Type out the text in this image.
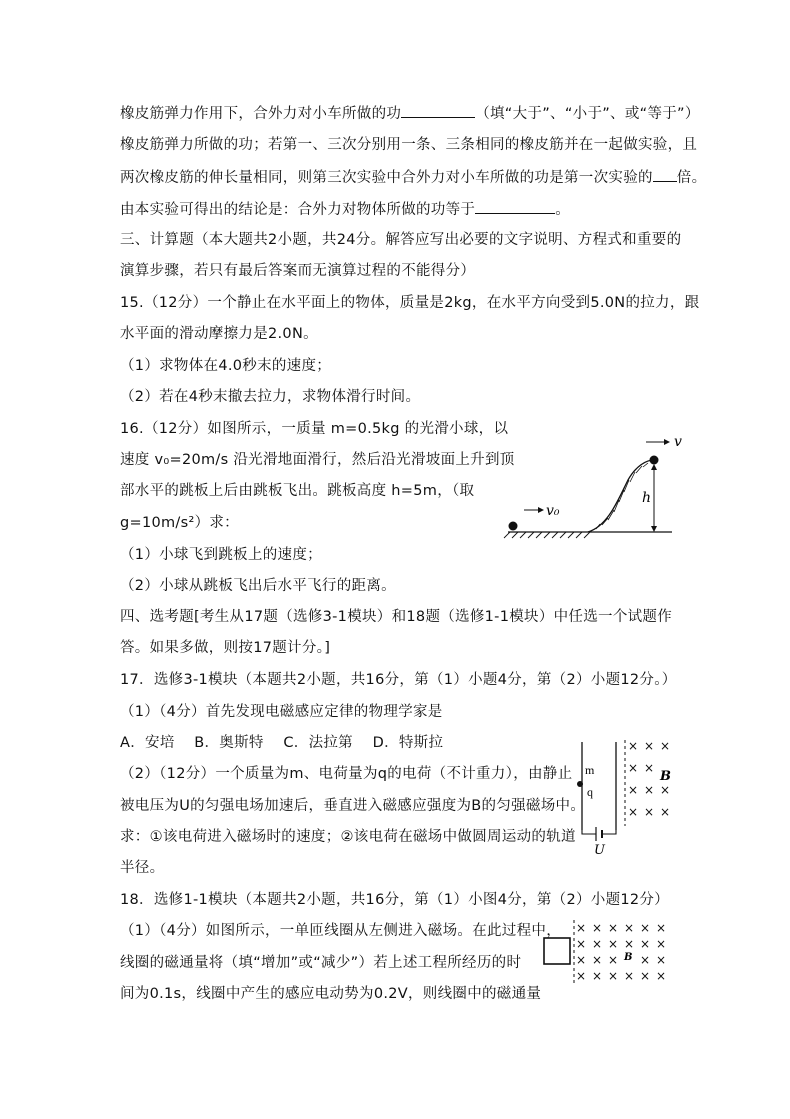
橡皮筋弹力作用下，合外力对小车所做的功	（填“大于”、“小于”、或“等于”）
橡皮筋弹力所做的功；若第一、三次分别用一条、三条相同的橡皮筋并在一起做实验，且
两次橡皮筋的伸长量相同，则第三次实验中合外力对小车所做的功是第一次实验的 倍。
由本实验可得出的结论是：合外力对物体所做的功等于	。
三、计算题（本大题共2小题，共24分。解答应写出必要的文字说明、方程式和重要的
演算步骤，若只有最后答案而无演算过程的不能得分）
15.（12分）一个静止在水平面上的物体，质量是2kg，在水平方向受到5.0N的拉力，跟
水平面的滑动摩擦力是2.0N。
（1）求物体在4.0秒末的速度；
（2）若在4秒末撤去拉力，求物体滑行时间。
16.（12分）如图所示，一质量 m=0.5kg 的光滑小球，以
速度 v₀=20m/s 沿光滑地面滑行，然后沿光滑坡面上升到顶
部水平的跳板上后由跳板飞出。跳板高度 h=5m，（取
g=10m/s²）求：
（1）小球飞到跳板上的速度；
（2）小球从跳板飞出后水平飞行的距离。
v₀
v
h
四、选考题[考生从17题（选修3-1模块）和18题（选修1-1模块）中任选一个试题作
答。如果多做，则按17题计分。]
17．选修3-1模块（本题共2小题，共16分，第（1）小题4分，第（2）小题12分。）
（1）（4分）首先发现电磁感应定律的物理学家是
A．安培    B．奥斯特    C．法拉第    D．特斯拉
（2）（12分）一个质量为m、电荷量为q的电荷（不计重力），由静止
被电压为U的匀强电场加速后，垂直进入磁感应强度为B的匀强磁场中。
求：①该电荷进入磁场时的速度；②该电荷在磁场中做圆周运动的轨道
半径。
U
m
q
× × ×
× ×
× × ×
× × ×
B
18．选修1-1模块（本题共2小题，共16分，第（1）小图4分，第（2）小题12分）
（1）（4分）如图所示，一单匝线圈从左侧进入磁场。在此过程中，
线圈的磁通量将（填“增加”或“减少”）若上述工程所经历的时
间为0.1s，线圈中产生的感应电动势为0.2V，则线圈中的磁通量
× × × × × ×
× × × × × ×
× × × × ×
× × × × × ×
B
